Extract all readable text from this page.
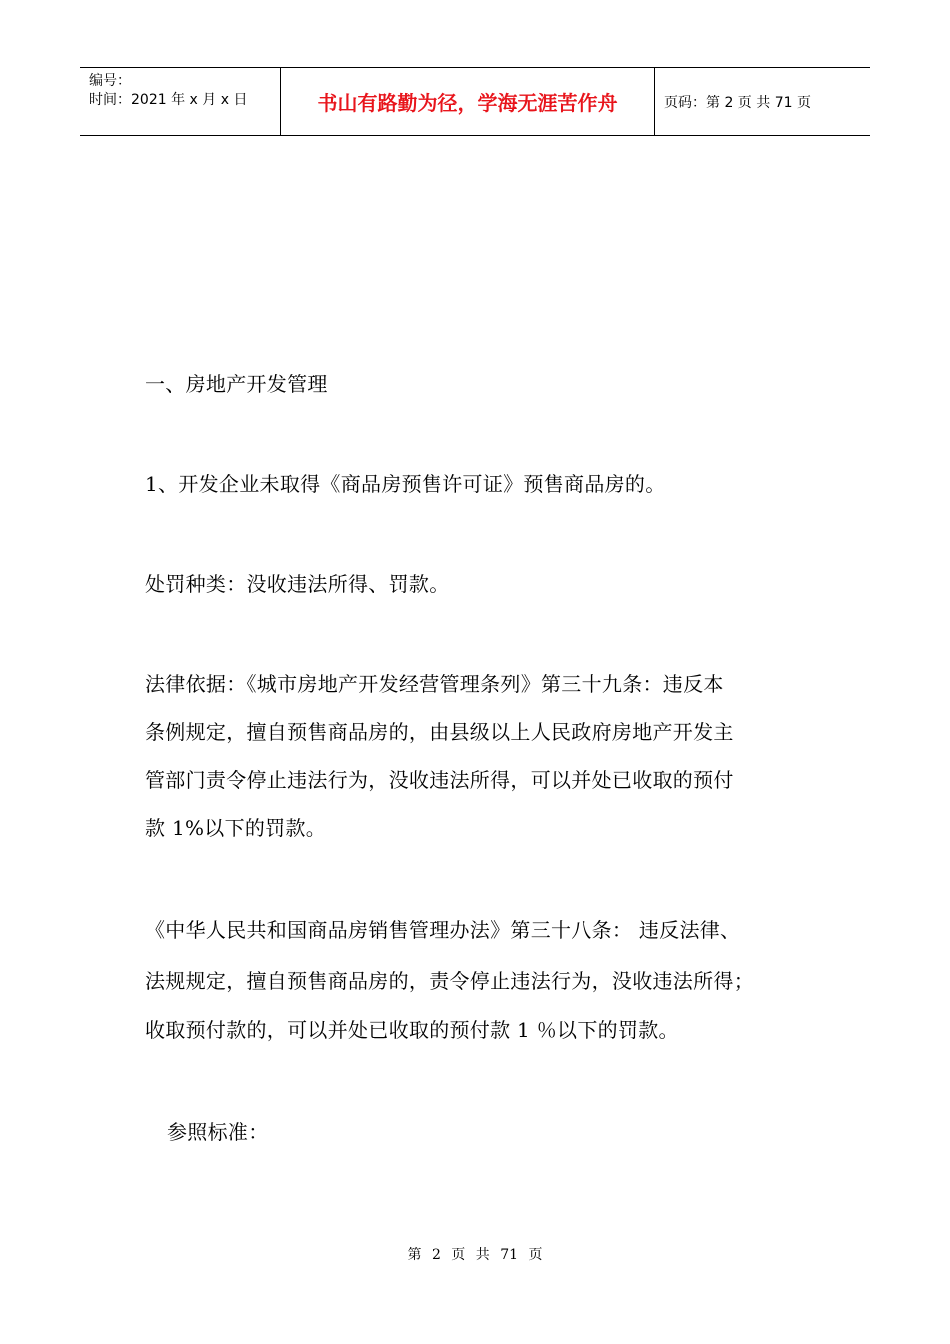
编号：
时间：2021 年 x 月 x 日	书山有路勤为径，学海无涯苦作舟	页码：第 2 页 共 71 页
一、房地产开发管理
1、开发企业未取得《商品房预售许可证》预售商品房的。
处罚种类：没收违法所得、罚款。
法律依据：《城市房地产开发经营管理条列》第三十九条：违反本
条例规定，擅自预售商品房的，由县级以上人民政府房地产开发主
管部门责令停止违法行为，没收违法所得，可以并处已收取的预付
款 1%以下的罚款。
《中华人民共和国商品房销售管理办法》第三十八条： 违反法律、
法规规定，擅自预售商品房的，责令停止违法行为，没收违法所得；
收取预付款的，可以并处已收取的预付款 1 ％以下的罚款。
参照标准：
第 2 页 共 71 页
